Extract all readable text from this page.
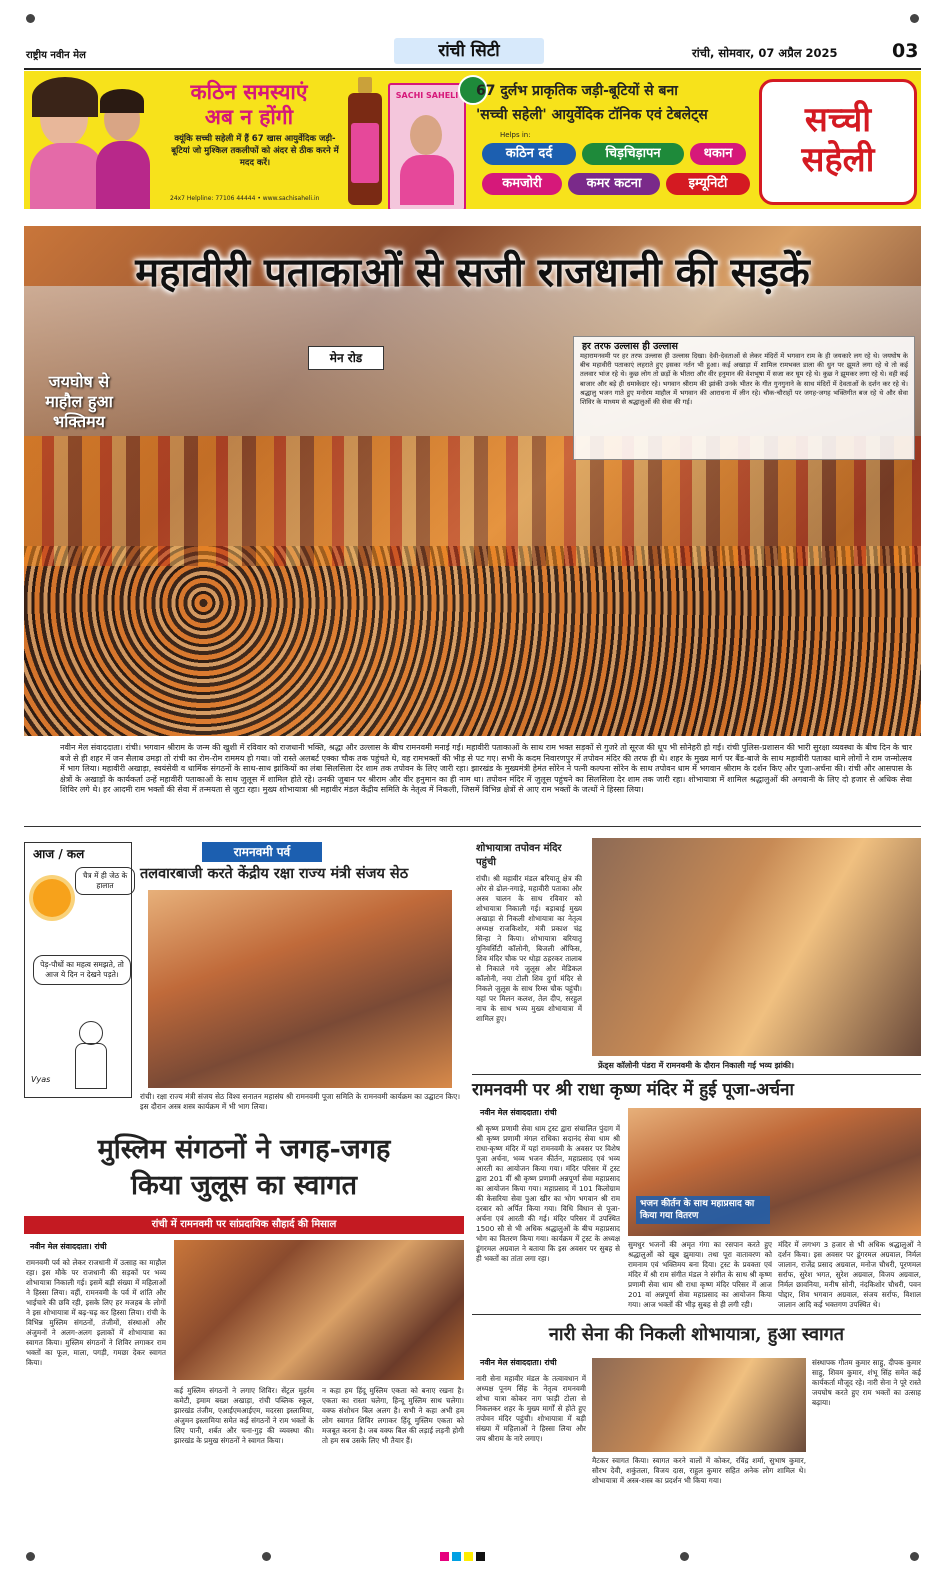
राष्ट्रीय नवीन मेल	रांची सिटी	रांची, सोमवार, 07 अप्रैल 2025	03
कठिन समस्याएं
अब न होंगी
क्यूंकि सच्ची सहेली में हैं 67 खास आयुर्वेदिक जड़ी-बूटियां जो मुश्किल तकलीफों को अंदर से ठीक करने में मदद करें।
24x7 Helpline: 77106 44444 • www.sachisaheli.in
SACHI SAHELI 67 दुर्लभ प्राकृतिक जड़ी-बूटियों से बना
'सच्ची सहेली' आयुर्वेदिक टॉनिक एवं टेबलेट्स
Helps in:
कठिन दर्द	चिड़चिड़ापन	थकान
कमजोरी	कमर कटना	इम्यूनिटी
सच्ची सहेली
महावीरी पताकाओं से सजी राजधानी की सड़कें
मेन रोड
जयघोष से माहौल हुआ भक्तिमय
हर तरफ उल्लास ही उल्लास
महारामनवमी पर हर तरफ उल्लास ही उल्लास दिखा। देवी-देवताओं से लेकर मंदिरों में भगवान राम के ही जयकारे लग रहे थे। जयघोष के बीच महावीरी पताकाएं लहराते हुए इसका नर्तन भी हुआ। कई अखाड़ा में शामिल रामभक्त डाला की धुन पर झूमते लगा रहे थे तो कई तलवार भांज रहे थे। कुछ लोग तो छड़ों के भीतरा और वीर हनुमान की वेशभूषा में सजा कर घूम रहे थे। कुछ ने झूमकर लगा रहे थे। वही कई बाजार और बड़े ही धमाकेदार रहे। भगवान श्रीराम की झांकी उनके भीतर के गीत गुनगुनाने के साथ मंदिरों में देवताओं के दर्शन कर रहे थे। श्रद्धालु भजन गाते हुए मनोरम माहौल में भगवान की आराधना में लीन रहे। चौक-चौराहों पर जगह-जगह भक्तिगीत बज रहे थे और सेवा शिविर के माध्यम से श्रद्धालुओं की सेवा की गई।
नवीन मेल संवाददाता। रांची। भगवान श्रीराम के जन्म की खुशी में रविवार को राजधानी भक्ति, श्रद्धा और उल्लास के बीच रामनवमी मनाई गई। महावीरी पताकाओं के साथ राम भक्त सड़कों से गुजरे तो सूरज की धूप भी सोनेहरी हो गई। रांची पुलिस-प्रशासन की भारी सुरक्षा व्यवस्था के बीच दिन के चार बजे से ही शहर में जन सैलाब उमड़ा तो रांची का रोम-रोम राममय हो गया। जो रास्ते अलबर्ट एक्का चौक तक पहुंचते थे, वह रामभक्तों की भीड़ से पट गए। सभी के कदम निवारणपुर में तपोवन मंदिर की तरफ ही थे। शहर के मुख्य मार्ग पर बैंड-बाजे के साथ महावीरी पताका थामे लोगों ने राम जन्मोत्सव में भाग लिया। महावीरी अखाड़ा, स्वयंसेवी व धार्मिक संगठनों के साथ-साथ झांकियों का लंबा सिलसिला देर शाम तक तपोवन के लिए जारी रहा। झारखंड के मुख्यमंत्री हेमंत सोरेन ने पत्नी कल्पना सोरेन के साथ तपोवन धाम में भगवान श्रीराम के दर्शन किए और पूजा-अर्चना की। रांची और आसपास के क्षेत्रों के अखाड़ों के कार्यकर्ता उन्हें महावीरी पताकाओं के साथ जुलूस में शामिल होते रहे। उनकी जुबान पर श्रीराम और वीर हनुमान का ही नाम था। तपोवन मंदिर में जुलूस पहुंचने का सिलसिला देर शाम तक जारी रहा। शोभायात्रा में शामिल श्रद्धालुओं की अगवानी के लिए दो हजार से अधिक सेवा शिविर लगे थे। हर आदमी राम भक्तों की सेवा में तन्मयता से जुटा रहा। मुख्य शोभायात्रा श्री महावीर मंडल केंद्रीय समिति के नेतृत्व में निकली, जिसमें विभिन्न क्षेत्रों से आए राम भक्तों के जत्थों ने हिस्सा लिया।
आज / कल
चैत्र में ही जेठ के हालात
पेड़-पौधों का महत्व समझते, तो आज ये दिन न देखने पड़ते।
Vyas
रामनवमी पर्व
तलवारबाजी करते केंद्रीय रक्षा राज्य मंत्री संजय सेठ
रांची। रक्षा राज्य मंत्री संजय सेठ विश्व सनातन महासंघ श्री रामनवमी पूजा समिति के रामनवमी कार्यक्रम का उद्घाटन किए। इस दौरान अस्त्र शस्त्र कार्यक्रम में भी भाग लिया।
शोभायात्रा तपोवन मंदिर पहुंची
रांची। श्री महावीर मंडल बरियातू क्षेत्र की ओर से ढोल-नगाड़े, महावीरी पताका और अस्त्र चालन के साथ रविवार को शोभायात्रा निकाली गई। बड़ाबाई मुख्य अखाड़ा से निकली शोभायात्रा का नेतृत्व अध्यक्ष राजकिशोर, मंत्री प्रकाश चंद्र सिन्हा ने किया। शोभायात्रा बरियातू यूनिवर्सिटी कॉलोनी, बिजली ऑफिस, शिव मंदिर चौक पर थोड़ा ठहरकर तालाब से निकाले गये जुलूस और मेडिकल कॉलोनी, नया टोली शिव दुर्गा मंदिर से निकले जुलूस के साथ रिम्स चौक पहुंची। यहां पर मिलन कलश, तेल दीप, सरहुल नाच के साथ भव्य मुख्य शोभायात्रा में शामिल हुए।
फ्रेंड्स कॉलोनी पंडरा में रामनवमी के दौरान निकाली गई भव्य झांकी।
रामनवमी पर श्री राधा कृष्ण मंदिर में हुई पूजा-अर्चना
नवीन मेल संवाददाता। रांची
श्री कृष्ण प्रणामी सेवा धाम ट्रस्ट द्वारा संचालित पुंदाग में श्री कृष्ण प्रणामी मंगल राधिका सदानंद सेवा धाम श्री राधा-कृष्ण मंदिर में यहां रामनवमी के अवसर पर विशेष पूजा अर्चना, भव्य भजन कीर्तन, महाप्रसाद एवं भव्य आरती का आयोजन किया गया। मंदिर परिसर में ट्रस्ट द्वारा 201 वीं श्री कृष्ण प्रणामी अन्नपूर्णा सेवा महाप्रसाद का आयोजन किया गया। महाप्रसाद में 101 किलोग्राम की केसरिया सेवा पुआ खीर का भोग भगवान श्री राम दरबार को अर्पित किया गया। विधि विधान से पूजा-अर्चना एवं आरती की गई। मंदिर परिसर में उपस्थित 1500 सौ से भी अधिक श्रद्धालुओं के बीच महाप्रसाद भोग का वितरण किया गया। कार्यक्रम में ट्रस्ट के अध्यक्ष डूंगरमल अग्रवाल ने बताया कि इस अवसर पर सुबह से ही भक्तों का तांता लगा रहा।
भजन कीर्तन के साथ महाप्रसाद का किया गया वितरण
सुमधुर भजनों की अमृत गंगा का रसपान करते हुए श्रद्धालुओं को खूब झुमाया। तथा पूरा वातावरण को रामनाम एवं भक्तिमय बना दिया। ट्रस्ट के प्रवक्ता एवं मंदिर में श्री राम संगीत मंडल ने संगीत के साथ श्री कृष्ण प्रणामी सेवा धाम श्री राधा कृष्ण मंदिर परिसर में आज 201 वां अन्नपूर्णा सेवा महाप्रसाद का आयोजन किया गया। आज भक्तों की भीड़ सुबह से ही लगी रही।
मंदिर में लगभग 3 हजार से भी अधिक श्रद्धालुओं ने दर्शन किया। इस अवसर पर डूंगरमल अग्रवाल, निर्मल जालान, राजेंद्र प्रसाद अग्रवाल, मनोज चौधरी, पूरणमल सर्राफ, सुरेश भगत, सुरेश अग्रवाल, विजय अग्रवाल, निर्मल छावनिया, मनीष सोनी, नंदकिशोर चौधरी, पवन पोद्दार, शिव भगवान अग्रवाल, संजय सर्राफ, विशाल जालान आदि कई भक्तगण उपस्थित थे।
मुस्लिम संगठनों ने जगह-जगह
किया जुलूस का स्वागत
रांची में रामनवमी पर सांप्रदायिक सौहार्द की मिसाल
नवीन मेल संवाददाता। रांची
रामनवमी पर्व को लेकर राजधानी में उत्साह का माहौल रहा। इस मौके पर राजधानी की सड़कों पर भव्य शोभायात्रा निकाली गई। इसमें बड़ी संख्या में महिलाओं ने हिस्सा लिया। वहीं, रामनवमी के पर्व में शांति और भाईचारे की छवि रही, इसके लिए हर मजहब के लोगों ने इस शोभायात्रा में बढ़-चढ़ कर हिस्सा लिया। रांची के विभिन्न मुस्लिम संगठनों, तंजीमों, संस्थाओं और अंजुमनों ने अलग-अलग इलाकों में शोभायात्रा का स्वागत किया। मुस्लिम संगठनों ने शिविर लगाकर राम भक्तों का फूल, माला, पगड़ी, गमछा देकर स्वागत किया।
कई मुस्लिम संगठनों ने लगाए शिविर। सेंट्रल मुहर्रम कमेटी, इमाम बख्श अखाड़ा, रांची पब्लिक स्कूल, झारखंड तंजीम, एआईएमआईएम, मदरसा इस्लामिया, अंजुमन इस्लामिया समेत कई संगठनों ने राम भक्तों के लिए पानी, शर्बत और चना-गुड़ की व्यवस्था की। झारखंड के प्रमुख संगठनों ने स्वागत किया।
न कहा हम हिंदू मुस्लिम एकता को बनाए रखना है। एकता का रास्ता चलेगा, हिन्दू मुस्लिम साथ चलेगा। वक्फ संशोधन बिल अलग है। सभी ने कहा अभी हम लोग स्वागत शिविर लगाकर हिंदू मुस्लिम एकता को मजबूत करना है। जब वक्फ बिल की लड़ाई लड़नी होगी तो हम सब उसके लिए भी तैयार हैं।
नारी सेना की निकली शोभायात्रा, हुआ स्वागत
नवीन मेल संवाददाता। रांची
नारी सेना महावीर मंडल के तत्वावधान में अध्यक्ष पूनम सिंह के नेतृत्व रामनवमी शोभा यात्रा कोकर नाग फाड़ी टोला से निकलकर शहर के मुख्य मार्गों से होते हुए तपोवन मंदिर पहुंची। शोभायात्रा में बड़ी संख्या में महिलाओं ने हिस्सा लिया और जय श्रीराम के नारे लगाए।
मैटकर स्वागत किया। स्वागत करने वालों में कोकर, रविंद्र शर्मा, सुभाष कुमार, सौरभ देवी, शकुंतला, विजय दास, राहुल कुमार सहित अनेक लोग शामिल थे। शोभायात्रा में अस्त्र-शस्त्र का प्रदर्शन भी किया गया।
संस्थापक गौतम कुमार साहु, दीपक कुमार साहु, शिवम कुमार, शंभू सिंह समेत कई कार्यकर्ता मौजूद रहे। नारी सेना ने पूरे रास्ते जयघोष करते हुए राम भक्तों का उत्साह बढ़ाया।
